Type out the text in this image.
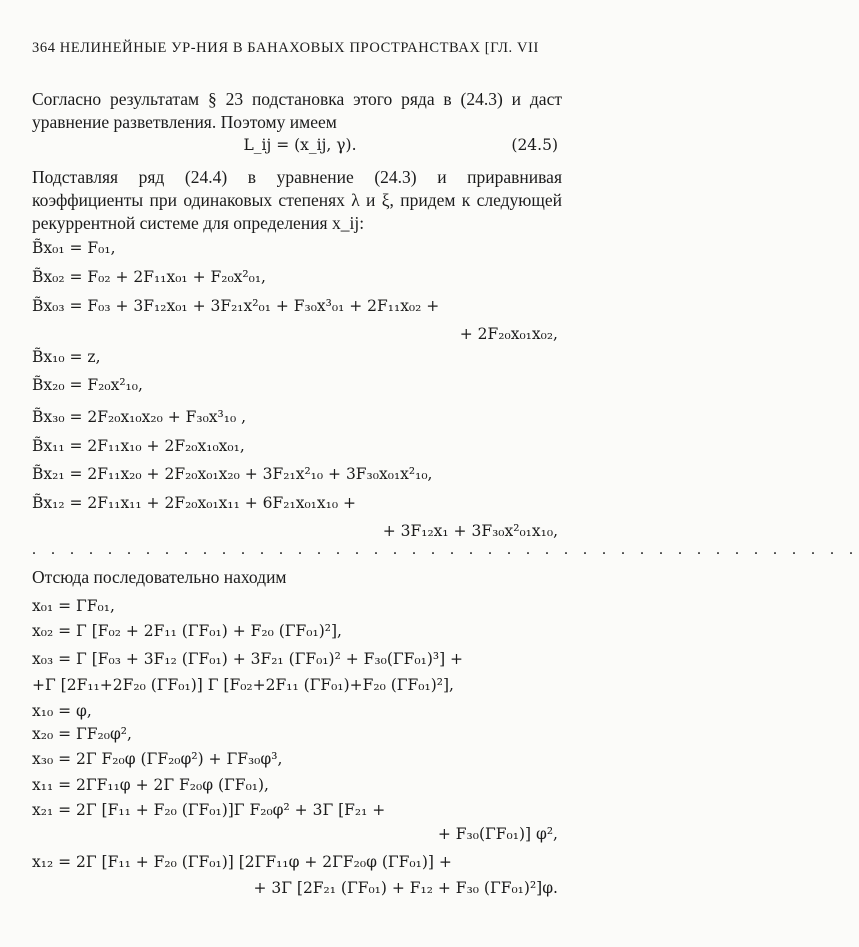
364 НЕЛИНЕЙНЫЕ УР-НИЯ В БАНАХОВЫХ ПРОСТРАНСТВАХ [ГЛ. VII
Согласно результатам § 23 подстановка этого ряда в (24.3) и даст уравнение разветвления. Поэтому имеем
L_ij = (x_ij, γ).	(24.5)
Подставляя ряд (24.4) в уравнение (24.3) и приравнивая коэффициенты при одинаковых степенях λ и ξ, придем к следующей рекуррентной системе для определения x_ij:
B̃x₀₁ = F₀₁,
B̃x₀₂ = F₀₂ + 2F₁₁x₀₁ + F₂₀x²₀₁,
B̃x₀₃ = F₀₃ + 3F₁₂x₀₁ + 3F₂₁x²₀₁ + F₃₀x³₀₁ + 2F₁₁x₀₂ +
+ 2F₂₀x₀₁x₀₂,
B̃x₁₀ = z,
B̃x₂₀ = F₂₀x²₁₀,
B̃x₃₀ = 2F₂₀x₁₀x₂₀ + F₃₀x³₁₀ ,
B̃x₁₁ = 2F₁₁x₁₀ + 2F₂₀x₁₀x₀₁,
B̃x₂₁ = 2F₁₁x₂₀ + 2F₂₀x₀₁x₂₀ + 3F₂₁x²₁₀ + 3F₃₀x₀₁x²₁₀,
B̃x₁₂ = 2F₁₁x₁₁ + 2F₂₀x₀₁x₁₁ + 6F₂₁x₀₁x₁₀ +
+ 3F₁₂x₁ + 3F₃₀x²₀₁x₁₀,
. . . . . . . . . . . . . . . . . . . . . . . . . . . . . . . . . . . . . . . . . . . .
Отсюда последовательно находим
x₀₁ = ΓF₀₁,
x₀₂ = Γ [F₀₂ + 2F₁₁ (ΓF₀₁) + F₂₀ (ΓF₀₁)²],
x₀₃ = Γ [F₀₃ + 3F₁₂ (ΓF₀₁) + 3F₂₁ (ΓF₀₁)² + F₃₀(ΓF₀₁)³] +
+Γ [2F₁₁+2F₂₀ (ΓF₀₁)] Γ [F₀₂+2F₁₁ (ΓF₀₁)+F₂₀ (ΓF₀₁)²],
x₁₀ = φ,
x₂₀ = ΓF₂₀φ²,
x₃₀ = 2Γ F₂₀φ (ΓF₂₀φ²) + ΓF₃₀φ³,
x₁₁ = 2ΓF₁₁φ + 2Γ F₂₀φ (ΓF₀₁),
x₂₁ = 2Γ [F₁₁ + F₂₀ (ΓF₀₁)]Γ F₂₀φ² + 3Γ [F₂₁ +
+ F₃₀(ΓF₀₁)] φ²,
x₁₂ = 2Γ [F₁₁ + F₂₀ (ΓF₀₁)] [2ΓF₁₁φ + 2ΓF₂₀φ (ΓF₀₁)] +
+ 3Γ [2F₂₁ (ΓF₀₁) + F₁₂ + F₃₀ (ΓF₀₁)²]φ.
